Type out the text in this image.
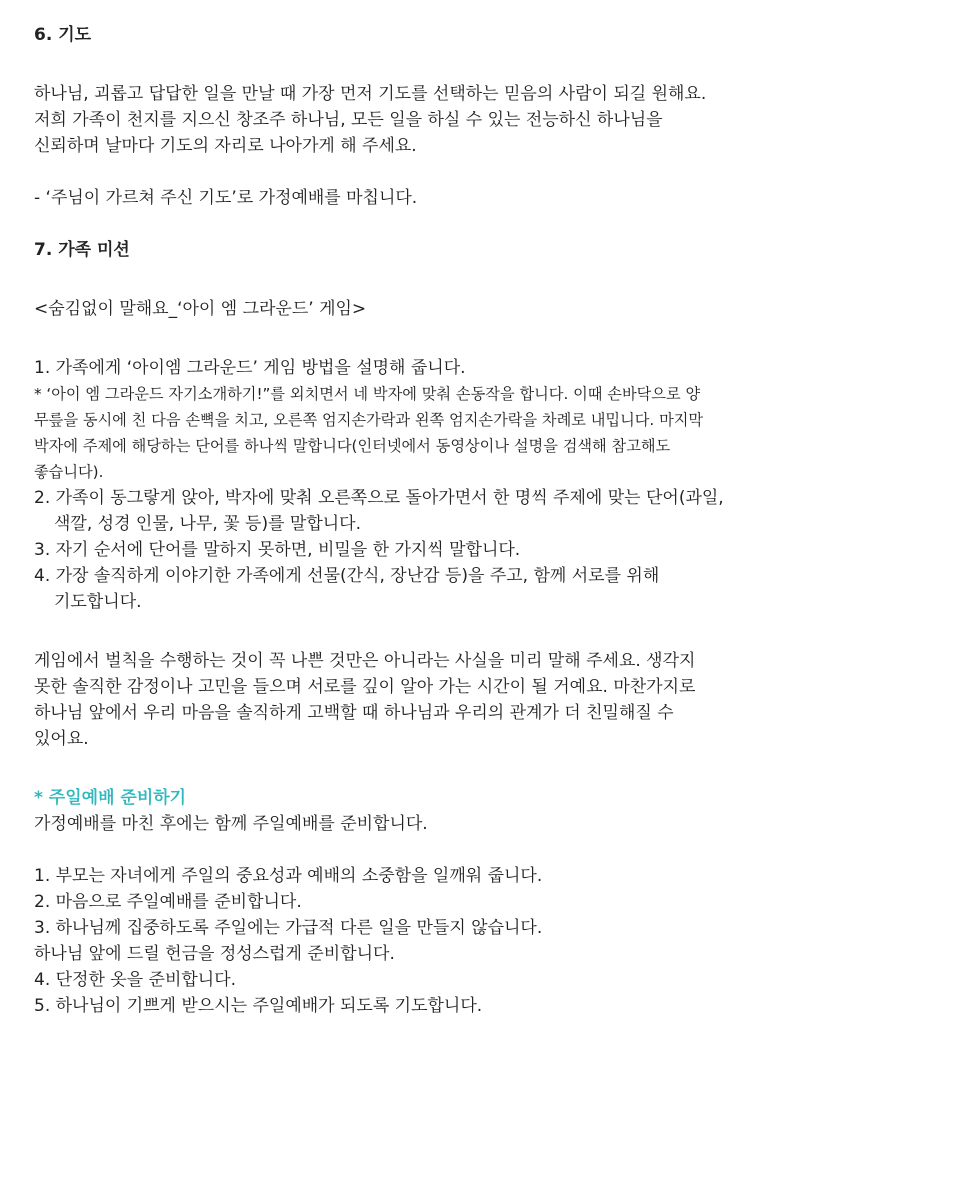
6. 기도
하나님, 괴롭고 답답한 일을 만날 때 가장 먼저 기도를 선택하는 믿음의 사람이 되길 원해요.
저희 가족이 천지를 지으신 창조주 하나님, 모든 일을 하실 수 있는 전능하신 하나님을
신뢰하며 날마다 기도의 자리로 나아가게 해 주세요.
- ‘주님이 가르쳐 주신 기도’로 가정예배를 마칩니다.
7. 가족 미션
<숨김없이 말해요_‘아이 엠 그라운드’ 게임>
1. 가족에게 ‘아이엠 그라운드’ 게임 방법을 설명해 줍니다.
* ‘아이 엠 그라운드 자기소개하기!”를 외치면서 네 박자에 맞춰 손동작을 합니다. 이때 손바닥으로 양
무릎을 동시에 친 다음 손뼉을 치고, 오른쪽 엄지손가락과 왼쪽 엄지손가락을 차례로 내밉니다. 마지막
박자에 주제에 해당하는 단어를 하나씩 말합니다(인터넷에서 동영상이나 설명을 검색해 참고해도
좋습니다).
2. 가족이 동그랗게 앉아, 박자에 맞춰 오른쪽으로 돌아가면서 한 명씩 주제에 맞는 단어(과일,
색깔, 성경 인물, 나무, 꽃 등)를 말합니다.
3. 자기 순서에 단어를 말하지 못하면, 비밀을 한 가지씩 말합니다.
4. 가장 솔직하게 이야기한 가족에게 선물(간식, 장난감 등)을 주고, 함께 서로를 위해
기도합니다.
게임에서 벌칙을 수행하는 것이 꼭 나쁜 것만은 아니라는 사실을 미리 말해 주세요. 생각지
못한 솔직한 감정이나 고민을 들으며 서로를 깊이 알아 가는 시간이 될 거예요. 마찬가지로
하나님 앞에서 우리 마음을 솔직하게 고백할 때 하나님과 우리의 관계가 더 친밀해질 수
있어요.
* 주일예배 준비하기
가정예배를 마친 후에는 함께 주일예배를 준비합니다.
1. 부모는 자녀에게 주일의 중요성과 예배의 소중함을 일깨워 줍니다.
2. 마음으로 주일예배를 준비합니다.
3. 하나님께 집중하도록 주일에는 가급적 다른 일을 만들지 않습니다.
하나님 앞에 드릴 헌금을 정성스럽게 준비합니다.
4. 단정한 옷을 준비합니다.
5. 하나님이 기쁘게 받으시는 주일예배가 되도록 기도합니다.
